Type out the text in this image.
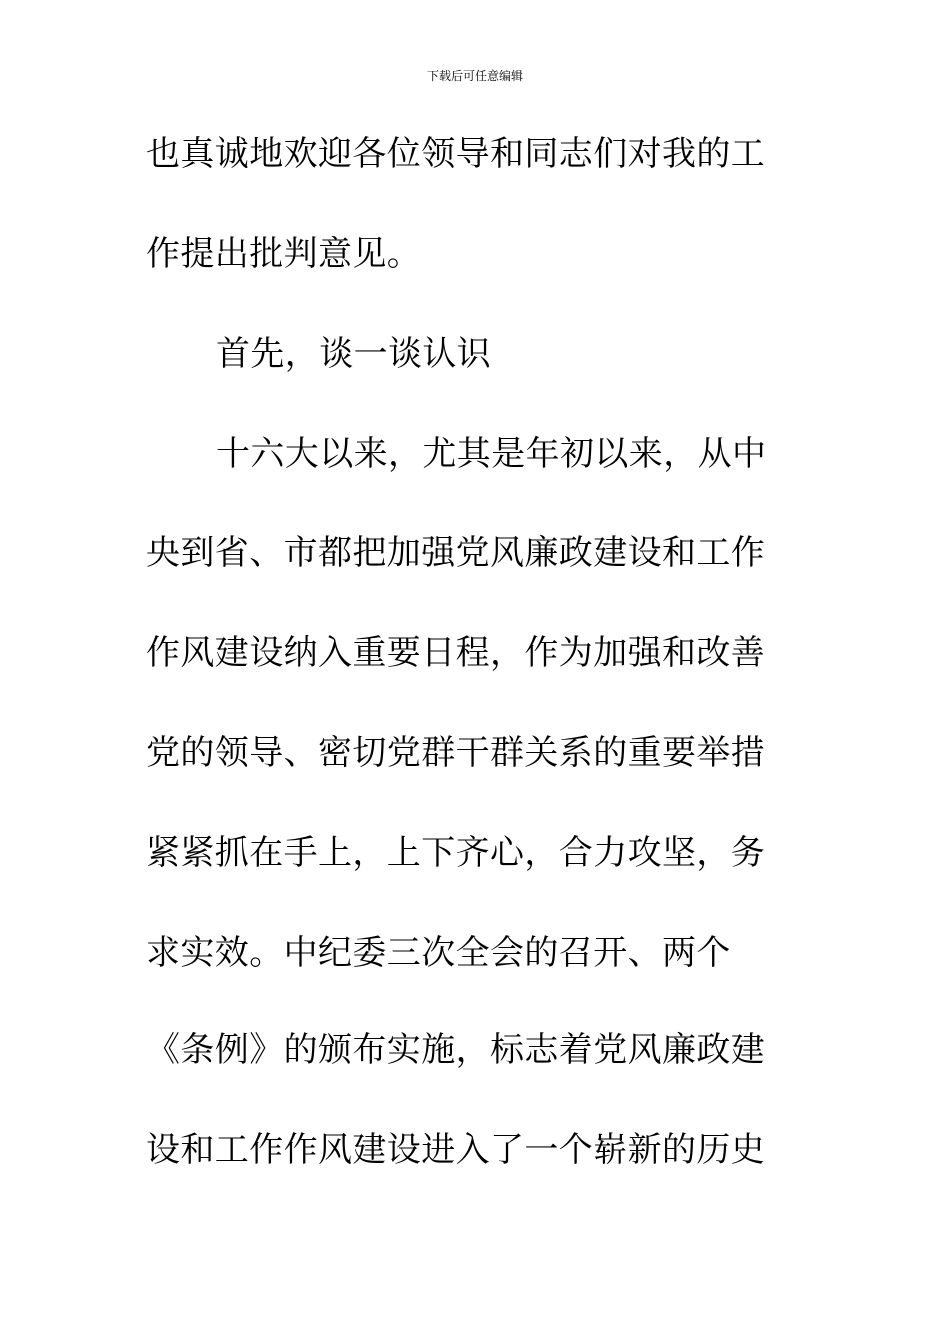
下载后可任意编辑
也真诚地欢迎各位领导和同志们对我的工
作提出批判意见。
首先，谈一谈认识
十六大以来，尤其是年初以来，从中
央到省、市都把加强党风廉政建设和工作
作风建设纳入重要日程，作为加强和改善
党的领导、密切党群干群关系的重要举措
紧紧抓在手上，上下齐心，合力攻坚，务
求实效。中纪委三次全会的召开、两个
《条例》的颁布实施，标志着党风廉政建
设和工作作风建设进入了一个崭新的历史
